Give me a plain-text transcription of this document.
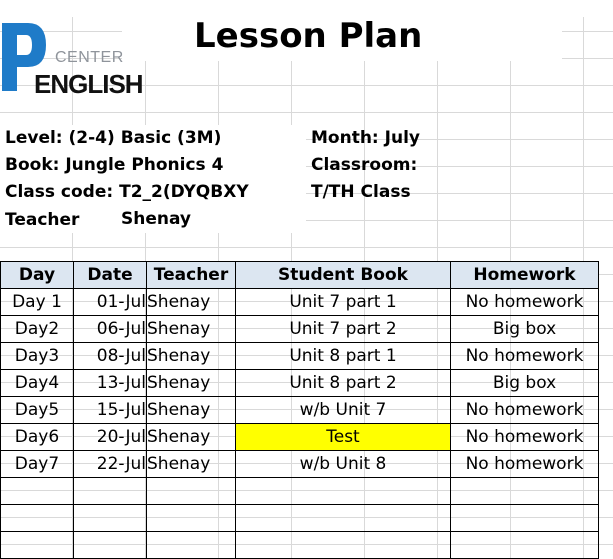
CENTER
ENGLISH
Lesson Plan
Level: (2-4) Basic (3M)
Book: Jungle Phonics 4
Class code: T2_2(DYQBXY
Teacher Shenay
Month: July
Classroom:
T/TH Class
Day	Date	Teacher	Student Book	Homework
Day 1	01-Jul	Shenay	Unit 7 part 1	No homework
Day2	06-Jul	Shenay	Unit 7 part 2	Big box
Day3	08-Jul	Shenay	Unit 8 part 1	No homework
Day4	13-Jul	Shenay	Unit 8 part 2	Big box
Day5	15-Jul	Shenay	w/b Unit 7	No homework
Day6	20-Jul	Shenay	Test	No homework
Day7	22-Jul	Shenay	w/b Unit 8	No homework
